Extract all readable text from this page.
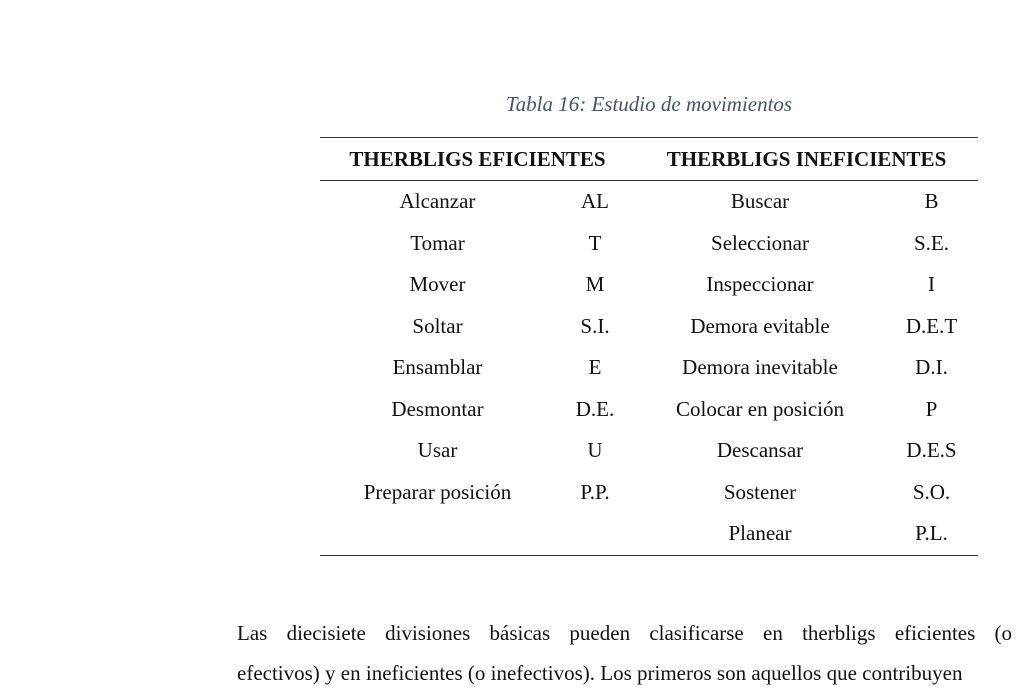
Tabla 16: Estudio de movimientos
THERBLIGS EFICIENTES		THERBLIGS INEFICIENTES	
Alcanzar	AL	Buscar	B
Tomar	T	Seleccionar	S.E.
Mover	M	Inspeccionar	I
Soltar	S.I.	Demora evitable	D.E.T
Ensamblar	E	Demora inevitable	D.I.
Desmontar	D.E.	Colocar en posición	P
Usar	U	Descansar	D.E.S
Preparar posición	P.P.	Sostener	S.O.
		Planear	P.L.
Las diecisiete divisiones básicas pueden clasificarse en therbligs eficientes (o
efectivos) y en ineficientes (o inefectivos). Los primeros son aquellos que contribuyen
